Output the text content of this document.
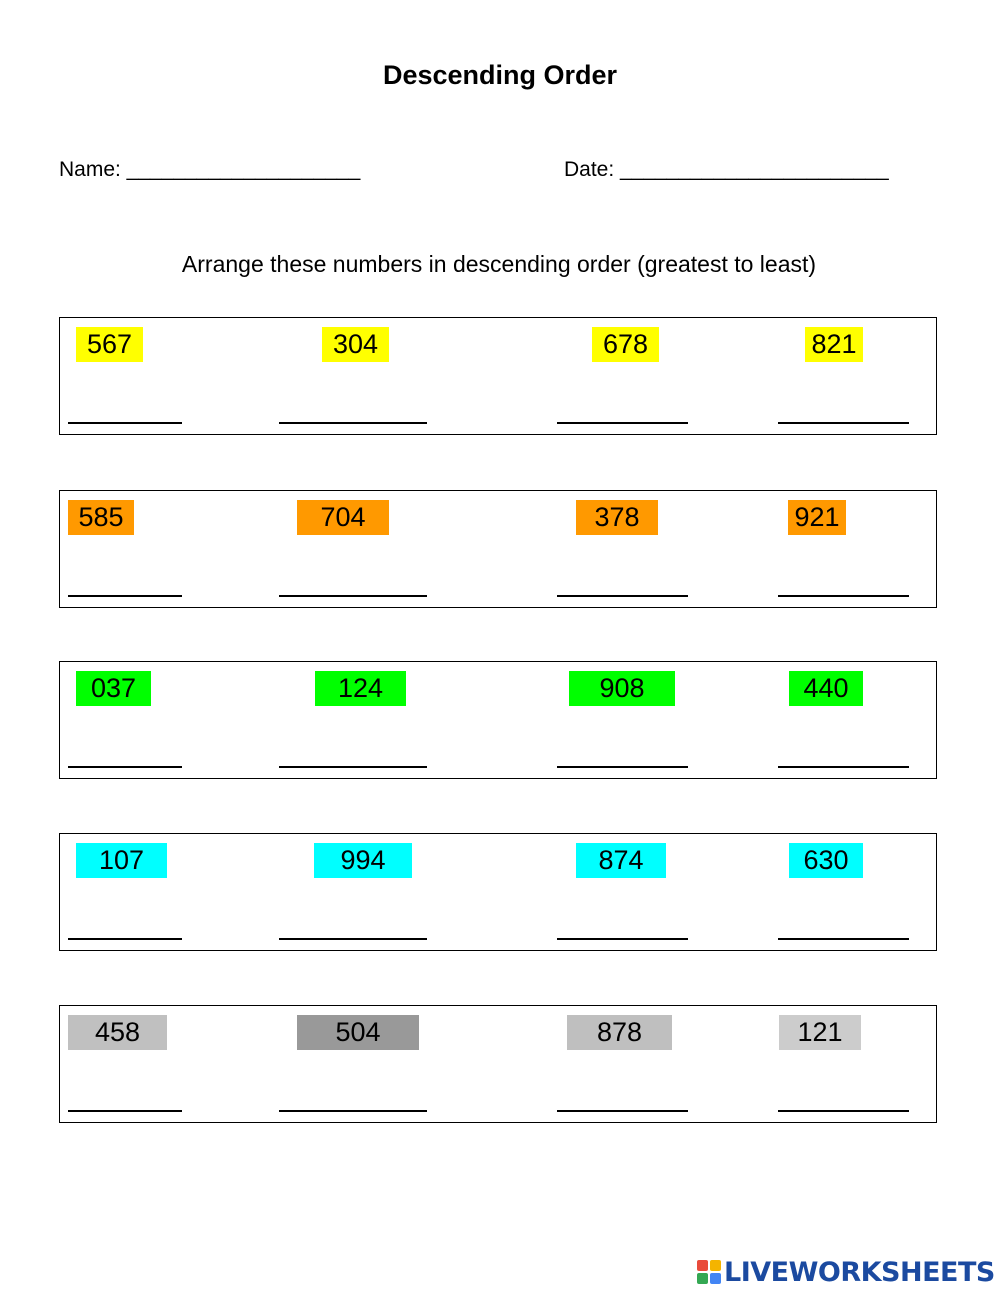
Descending Order
Name: ____________________	Date: _______________________
Arrange these numbers in descending order (greatest to least)
567	304	678	821
585	704	378	921
037	124	908	440
107	994	874	630
458	504	878	121
LIVEWORKSHEETS
